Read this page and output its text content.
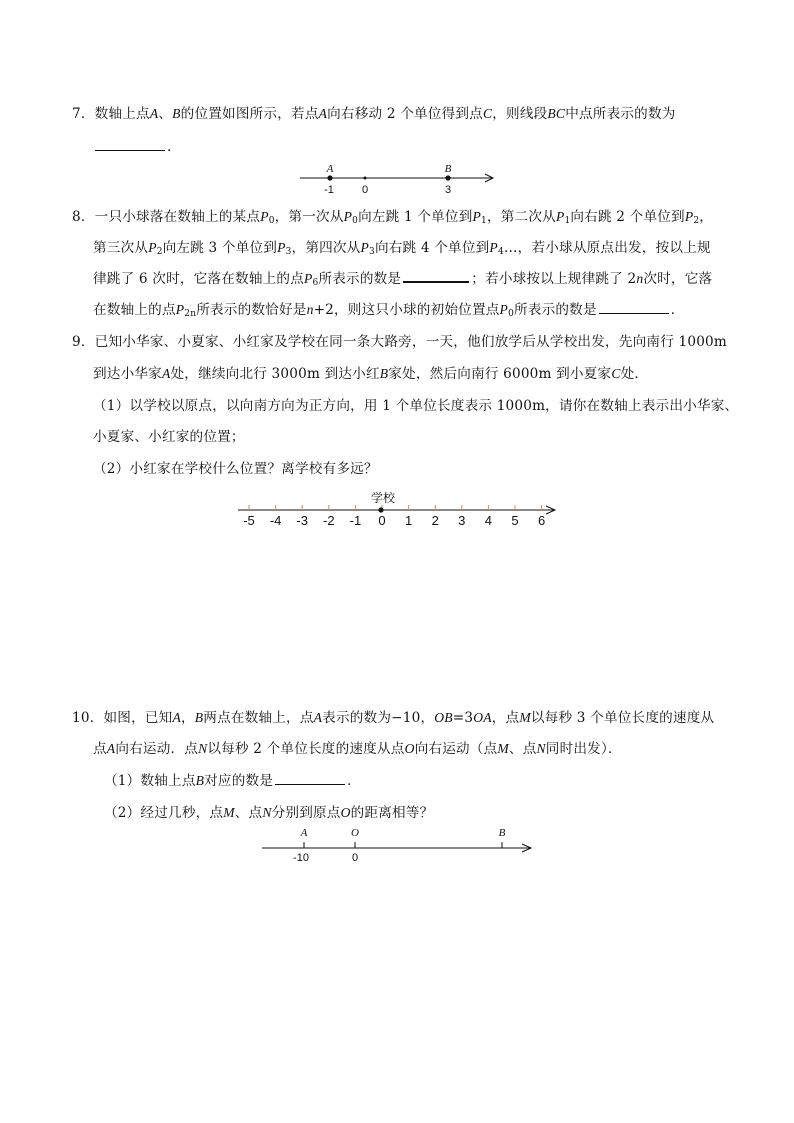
7．数轴上点A、B的位置如图所示，若点A向右移动 2 个单位得到点C，则线段BC中点所表示的数为
．
A	B
-1	0	3
8．一只小球落在数轴上的某点$P_0$，第一次从$P_0$向左跳 1 个单位到$P_1$，第二次从$P_1$向右跳 2 个单位到$P_2$，
第三次从$P_2$向左跳 3 个单位到$P_3$，第四次从$P_3$向右跳 4 个单位到$P_4\dots$，若小球从原点出发，按以上规
律跳了 6 次时，它落在数轴上的点$P_6$所表示的数是	；若小球按以上规律跳了 2n次时，它落
在数轴上的点$P_{2n}$所表示的数恰好是n+2，则这只小球的初始位置点$P_0$所表示的数是	．
9．已知小华家、小夏家、小红家及学校在同一条大路旁，一天，他们放学后从学校出发，先向南行 1000m
到达小华家A处，继续向北行 3000m 到达小红B家处，然后向南行 6000m 到小夏家C处．
（1）以学校以原点，以向南方向为正方向，用 1 个单位长度表示 1000m，请你在数轴上表示出小华家、
小夏家、小红家的位置；
（2）小红家在学校什么位置？离学校有多远？
-5 -4 -3 -2 -1 0 1 2 3 4 5 6
学校
10．如图，已知A，B两点在数轴上，点A表示的数为−10，OB=3OA，点M以每秒 3 个单位长度的速度从
点A向右运动．点N以每秒 2 个单位长度的速度从点O向右运动（点M、点N同时出发）．
（1）数轴上点B对应的数是	．
（2）经过几秒，点M、点N分别到原点O的距离相等？
A	O	B
-10	0
